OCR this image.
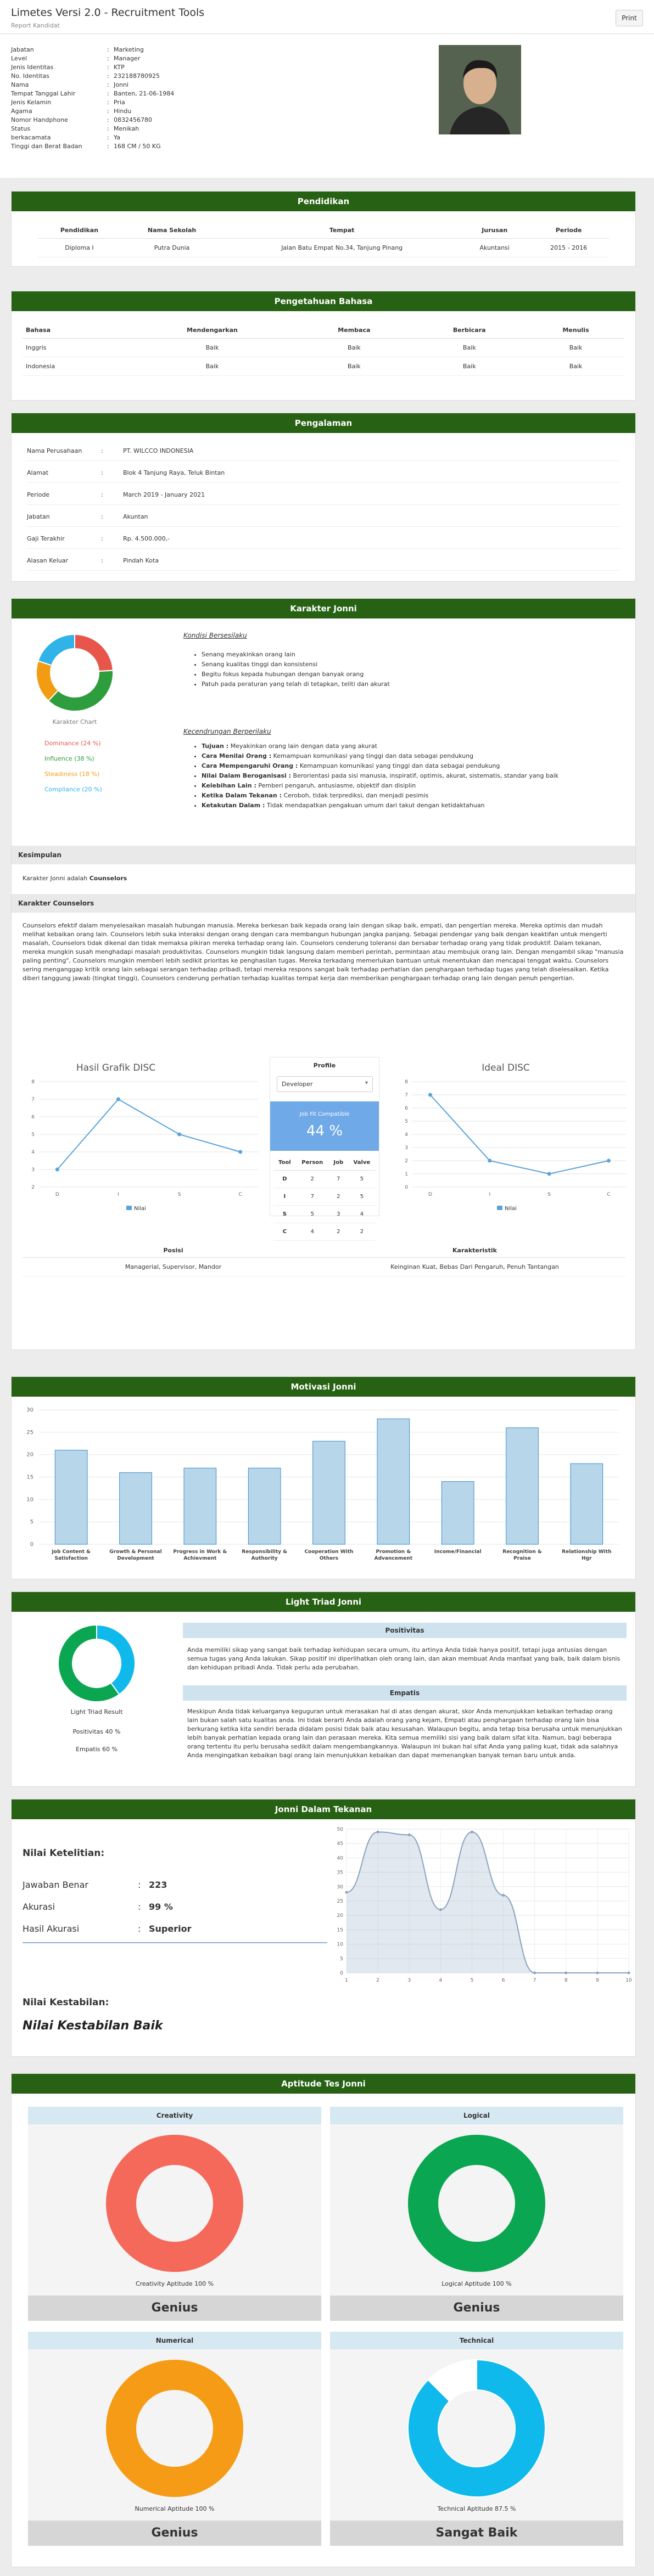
Limetes Versi 2.0 - Recruitment Tools
Report Kandidat
Print
Jabatan	: Marketing
Level	: Manager
Jenis Identitas	: KTP
No. Identitas	: 232188780925
Nama	: Jonni
Tempat Tanggal Lahir	: Banten, 21-06-1984
Jenis Kelamin	: Pria
Agama	: Hindu
Nomor Handphone	: 0832456780
Status	: Menikah
berkacamata	: Ya
Tinggi dan Berat Badan	: 168 CM / 50 KG
Pendidikan
Pendidikan	Nama Sekolah	Tempat	Jurusan	Periode
Diploma I	Putra Dunia	Jalan Batu Empat No.34, Tanjung Pinang	Akuntansi	2015 - 2016
Pengetahuan Bahasa
Bahasa	Mendengarkan	Membaca	Berbicara	Menulis
Inggris	Baik	Baik	Baik	Baik
Indonesia	Baik	Baik	Baik	Baik
Pengalaman
Nama Perusahaan	:	PT. WILCCO INDONESIA
Alamat	:	Blok 4 Tanjung Raya, Teluk Bintan
Periode	:	March 2019 - January 2021
Jabatan	:	Akuntan
Gaji Terakhir	:	Rp. 4.500.000,-
Alasan Keluar	:	Pindah Kota
Karakter Jonni
Karakter Chart
Dominance (24 %)
Influence (38 %)
Steadiness (18 %)
Compliance (20 %)
Kondisi Bersesilaku
• Senang meyakinkan orang lain
• Senang kualitas tinggi dan konsistensi
• Begitu fokus kepada hubungan dengan banyak orang
• Patuh pada peraturan yang telah di tetapkan, teliti dan akurat
Kecendrungan Berperilaku
• Tujuan : Meyakinkan orang lain dengan data yang akurat
• Cara Menilai Orang : Kemampuan komunikasi yang tinggi dan data sebagai pendukung
• Cara Mempengaruhi Orang : Kemampuan komunikasi yang tinggi dan data sebagai pendukung
• Nilai Dalam Beroganisasi : Berorientasi pada sisi manusia, inspiratif, optimis, akurat, sistematis, standar yang baik
• Kelebihan Lain : Pemberi pengaruh, antusiasme, objektif dan disiplin
• Ketika Dalam Tekanan : Ceroboh, tidak terprediksi, dan menjadi pesimis
• Ketakutan Dalam : Tidak mendapatkan pengakuan umum dari takut dengan ketidaktahuan
Kesimpulan
Karakter Jonni adalah Counselors
Karakter Counselors
Counselors efektif dalam menyelesaikan masalah hubungan manusia. Mereka berkesan baik kepada orang lain dengan sikap baik, empati, dan pengertian mereka. Mereka optimis dan mudah melihat kebaikan orang lain. Counselors lebih suka interaksi dengan orang dengan cara membangun hubungan jangka panjang. Sebagai pendengar yang baik dengan keaktifan untuk mengerti masalah, Counselors tidak dikenal dan tidak memaksa pikiran mereka terhadap orang lain. Counselors cenderung toleransi dan bersabar terhadap orang yang tidak produktif. Dalam tekanan, mereka mungkin susah menghadapi masalah produktivitas. Counselors mungkin tidak langsung dalam memberi perintah, permintaan atau membujuk orang lain. Dengan mengambil sikap "manusia paling penting", Counselors mungkin memberi lebih sedikit prioritas ke penghasilan tugas. Mereka terkadang memerlukan bantuan untuk menentukan dan mencapai tenggat waktu. Counselors sering menganggap kritik orang lain sebagai serangan terhadap pribadi, tetapi mereka respons sangat baik terhadap perhatian dan penghargaan terhadap tugas yang telah diselesaikan. Ketika diberi tanggung jawab (tingkat tinggi), Counselors cenderung perhatian terhadap kualitas tempat kerja dan memberikan penghargaan terhadap orang lain dengan penuh pengertian.
Hasil Grafik DISC
2
3
4
5
6
7
8
D	I	S	C
Nilai
Profile
Developer	▾
Job Fit Compatible
44 %
Tool	Person	Job	Valve
D	2	7	5
I	7	2	5
S	5	3	4
C	4	2	2
Ideal DISC
0
1
2
3
4
5
6
7
8
D	I	S	C
Nilai
Posisi	Karakteristik
Managerial, Supervisor, Mandor	Keinginan Kuat, Bebas Dari Pengaruh, Penuh Tantangan
Motivasi Jonni
0
5
10
15
20
25
30
Job Content &
Satisfaction
Growth & Personal
Development
Progress in Work &
Achievment
Responsibility &
Authority
Cooperation With
Others
Promotion &
Advancement
Income/Financial	Recognition &
Praise
Relationship With
Hgr
Light Triad Jonni
Light Triad Result
Positivitas 40 %
Empatis 60 %
Positivitas
Anda memiliki sikap yang sangat baik terhadap kehidupan secara umum, itu artinya Anda tidak hanya positif, tetapi juga antusias dengan semua tugas yang Anda lakukan. Sikap positif ini diperlihatkan oleh orang lain, dan akan membuat Anda manfaat yang baik, baik dalam bisnis dan kehidupan pribadi Anda. Tidak perlu ada perubahan.
Empatis
Meskipun Anda tidak keluarganya keguguran untuk merasakan hal di atas dengan akurat, skor Anda menunjukkan kebaikan terhadap orang lain bukan salah satu kualitas anda. Ini tidak berarti Anda adalah orang yang kejam, Empati atau penghargaan terhadap orang lain bisa berkurang ketika kita sendiri berada didalam posisi tidak baik atau kesusahan. Walaupun begitu, anda tetap bisa berusaha untuk menunjukkan lebih banyak perhatian kepada orang lain dan perasaan mereka. Kita semua memiliki sisi yang baik dalam sifat kita. Namun, bagi beberapa orang tertentu itu perlu berusaha sedikit dalam mengembangkannya. Walaupun ini bukan hal sifat Anda yang paling kuat, tidak ada salahnya Anda mengingatkan kebaikan bagi orang lain menunjukkan kebaikan dan dapat memenangkan banyak teman baru untuk anda.
Jonni Dalam Tekanan
Nilai Ketelitian:
Jawaban Benar	: 223
Akurasi	: 99 %
Hasil Akurasi	: Superior
Nilai Kestabilan:
Nilai Kestabilan Baik
0
5
10
15
20
25
30
35
40
45
50
1	2	3	4	5	6	7	8	9	10
Aptitude Tes Jonni
Creativity
Creativity Aptitude 100 %
Genius
Logical
Logical Aptitude 100 %
Genius
Numerical
Numerical Aptitude 100 %
Genius
Technical
Technical Aptitude 87.5 %
Sangat Baik
